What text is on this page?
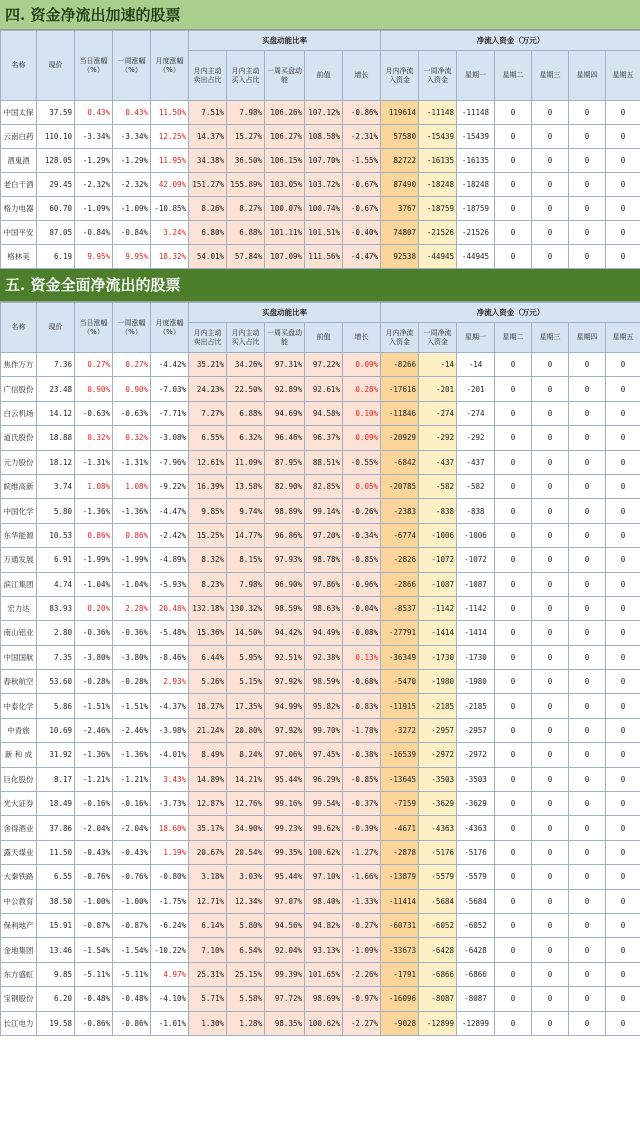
四. 资金净流出加速的股票
名称	现价	当日涨幅（%）	一周涨幅（%）	月度涨幅（%）	买盘动能比率					净流入资金（万元）						
					月内主动卖出占比	月内主动买入占比	一周买盘动能	前值	增长	月内净流入资金	一周净流入资金	星期一	星期二	星期三	星期四	星期五
中国太保	37.59	0.43%	0.43%	11.50%	7.51%	7.98%	106.26%	107.12%	-0.86%	119614	-11148	-11148	0	0	0	0
云南白药	110.10	-3.34%	-3.34%	12.25%	14.37%	15.27%	106.27%	108.58%	-2.31%	57580	-15439	-15439	0	0	0	0
酒鬼酒	128.05	-1.29%	-1.29%	11.95%	34.38%	36.50%	106.15%	107.70%	-1.55%	82722	-16135	-16135	0	0	0	0
老白干酒	29.45	-2.32%	-2.32%	42.09%	151.27%	155.89%	103.05%	103.72%	-0.67%	87490	-18248	-18248	0	0	0	0
格力电器	60.70	-1.09%	-1.09%	-10.85%	8.26%	8.27%	100.07%	100.74%	-0.67%	3767	-18759	-18759	0	0	0	0
中国平安	87.05	-0.84%	-0.84%	3.24%	6.80%	6.88%	101.11%	101.51%	-0.40%	74807	-21526	-21526	0	0	0	0
格林美	6.19	9.95%	9.95%	18.32%	54.01%	57.84%	107.09%	111.56%	-4.47%	92538	-44945	-44945	0	0	0	0
五. 资金全面净流出的股票
名称	现价	当日涨幅（%）	一周涨幅（%）	月度涨幅（%）	买盘动能比率					净流入资金（万元）						
					月内主动卖出占比	月内主动买入占比	一周买盘动能	前值	增长	月内净流入资金	一周净流入资金	星期一	星期二	星期三	星期四	星期五
焦作万方	7.36	0.27%	0.27%	-4.42%	35.21%	34.26%	97.31%	97.22%	0.09%	-8266	-14	-14	0	0	0	0
广信股份	23.48	0.90%	0.90%	-7.03%	24.23%	22.50%	92.89%	92.61%	0.28%	-17616	-201	-201	0	0	0	0
白云机场	14.12	-0.63%	-0.63%	-7.71%	7.27%	6.88%	94.69%	94.58%	0.10%	-11846	-274	-274	0	0	0	0
道氏股份	18.88	0.32%	0.32%	-3.08%	6.55%	6.32%	96.46%	96.37%	0.09%	-20929	-292	-292	0	0	0	0
元力股份	18.12	-1.31%	-1.31%	-7.96%	12.61%	11.09%	87.95%	88.51%	-0.55%	-6842	-437	-437	0	0	0	0
皖维高新	3.74	1.08%	1.08%	-9.22%	16.39%	13.58%	82.90%	82.85%	0.05%	-20785	-582	-582	0	0	0	0
中国化学	5.80	-1.36%	-1.36%	-4.47%	9.85%	9.74%	98.89%	99.14%	-0.26%	-2383	-838	-838	0	0	0	0
东华能源	10.53	0.86%	0.86%	-2.42%	15.25%	14.77%	96.86%	97.20%	-0.34%	-6774	-1006	-1006	0	0	0	0
万通发展	6.91	-1.99%	-1.99%	-4.89%	8.32%	8.15%	97.93%	98.78%	-0.85%	-2826	-1072	-1072	0	0	0	0
滨江集团	4.74	-1.04%	-1.04%	-5.93%	8.23%	7.98%	96.90%	97.86%	-0.96%	-2866	-1087	-1087	0	0	0	0
宏力达	83.93	0.20%	2.28%	20.48%	132.18%	130.32%	98.59%	98.63%	-0.04%	-8537	-1142	-1142	0	0	0	0
南山铝业	2.80	-0.36%	-0.36%	-5.48%	15.36%	14.50%	94.42%	94.49%	-0.08%	-27791	-1414	-1414	0	0	0	0
中国国航	7.35	-3.80%	-3.80%	-8.46%	6.44%	5.95%	92.51%	92.38%	0.13%	-36349	-1730	-1730	0	0	0	0
春秋航空	53.60	-0.28%	-0.28%	2.93%	5.26%	5.15%	97.92%	98.59%	-0.68%	-5470	-1980	-1980	0	0	0	0
中泰化学	5.86	-1.51%	-1.51%	-4.37%	18.27%	17.35%	94.99%	95.82%	-0.83%	-11915	-2185	-2185	0	0	0	0
中青旅	10.69	-2.46%	-2.46%	-3.98%	21.24%	20.80%	97.92%	99.70%	-1.78%	-3272	-2957	-2957	0	0	0	0
新 和 成	31.92	-1.36%	-1.36%	-4.01%	8.49%	8.24%	97.06%	97.45%	-0.38%	-16539	-2972	-2972	0	0	0	0
巨化股份	8.17	-1.21%	-1.21%	3.43%	14.89%	14.21%	95.44%	96.29%	-0.85%	-13645	-3503	-3503	0	0	0	0
光大证券	18.49	-0.16%	-0.16%	-3.73%	12.87%	12.76%	99.16%	99.54%	-0.37%	-7159	-3629	-3629	0	0	0	0
舍得酒业	37.86	-2.04%	-2.04%	18.60%	35.17%	34.90%	99.23%	99.62%	-0.39%	-4671	-4363	-4363	0	0	0	0
露天煤业	11.50	-0.43%	-0.43%	1.19%	20.67%	20.54%	99.35%	100.62%	-1.27%	-2878	-5176	-5176	0	0	0	0
大秦铁路	6.55	-0.76%	-0.76%	-0.80%	3.18%	3.03%	95.44%	97.10%	-1.66%	-13879	-5579	-5579	0	0	0	0
中公教育	38.50	-1.00%	-1.00%	-1.75%	12.71%	12.34%	97.07%	98.40%	-1.33%	-11414	-5684	-5684	0	0	0	0
保利地产	15.91	-0.87%	-0.87%	-6.24%	6.14%	5.80%	94.56%	94.82%	-0.27%	-60731	-6052	-6052	0	0	0	0
金地集团	13.46	-1.54%	-1.54%	-10.22%	7.10%	6.54%	92.04%	93.13%	-1.09%	-33673	-6428	-6428	0	0	0	0
东方盛虹	9.85	-5.11%	-5.11%	4.97%	25.31%	25.15%	99.39%	101.65%	-2.26%	-1791	-6866	-6866	0	0	0	0
宝钢股份	6.20	-0.48%	-0.48%	-4.10%	5.71%	5.58%	97.72%	98.69%	-0.97%	-16096	-8087	-8087	0	0	0	0
长江电力	19.58	-0.86%	-0.86%	-1.01%	1.30%	1.28%	98.35%	100.62%	-2.27%	-9028	-12899	-12899	0	0	0	0
